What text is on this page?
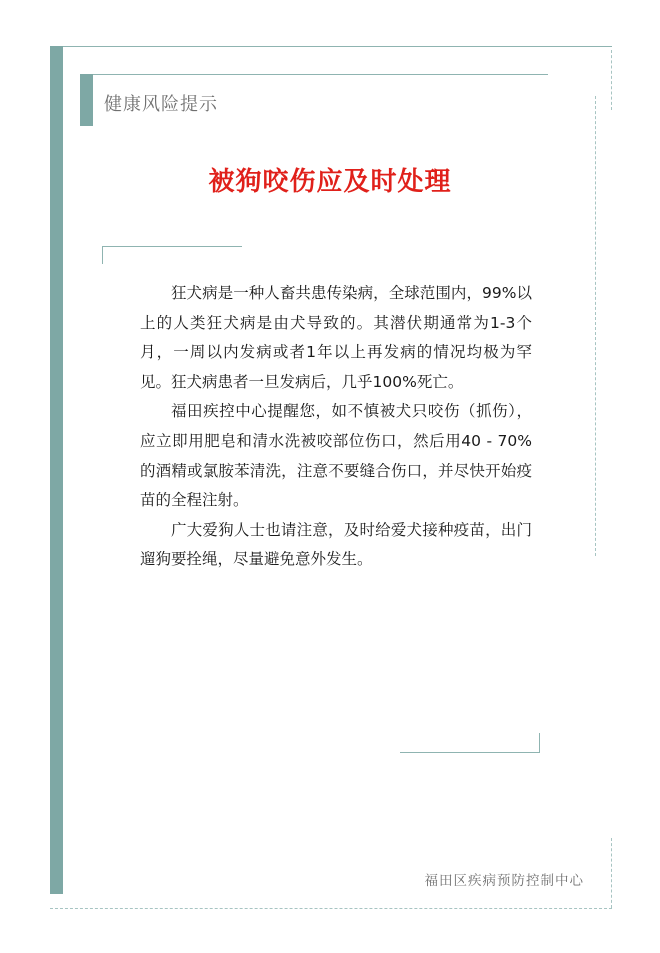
健康风险提示
被狗咬伤应及时处理

狂犬病是一种人畜共患传染病，全球范围内，99%以上的人类狂犬病是由犬导致的。其潜伏期通常为1-3个月，一周以内发病或者1年以上再发病的情况均极为罕见。狂犬病患者一旦发病后，几乎100%死亡。

福田疾控中心提醒您，如不慎被犬只咬伤（抓伤），应立即用肥皂和清水洗被咬部位伤口，然后用40 - 70%的酒精或氯胺苯清洗，注意不要缝合伤口，并尽快开始疫苗的全程注射。

广大爱狗人士也请注意，及时给爱犬接种疫苗，出门遛狗要拴绳，尽量避免意外发生。

福田区疾病预防控制中心
